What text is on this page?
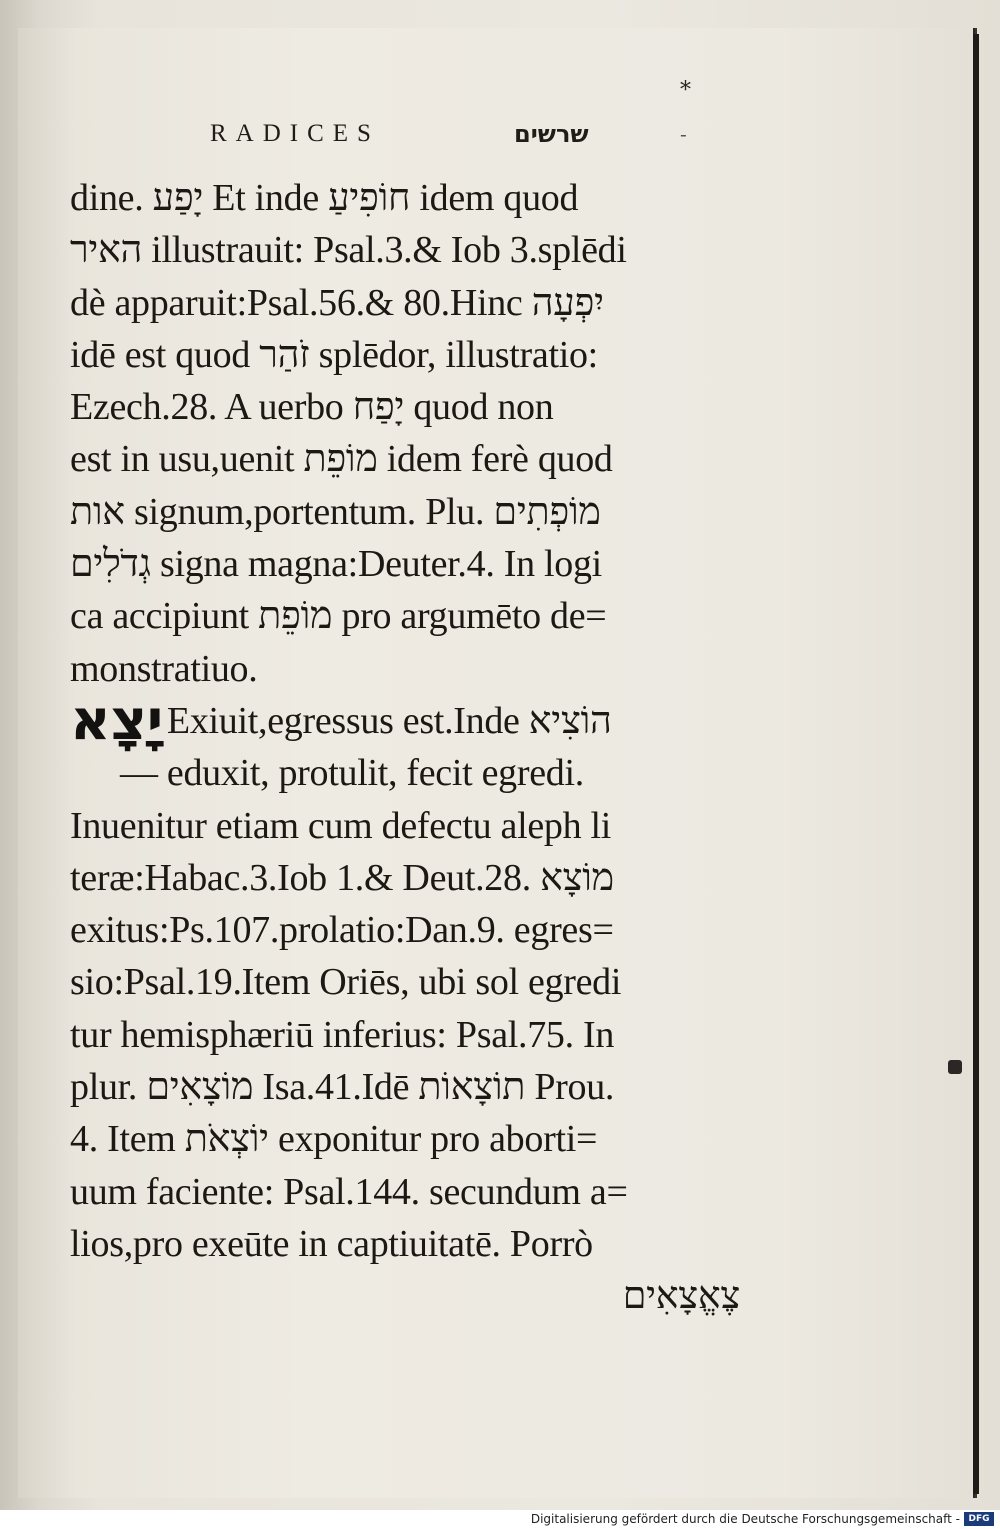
*
RADICES	שרשים	-
dine. יָפַע Et inde חוֹפִיעַ idem quod
האיר illustrauit: Psal.3.& Iob 3.splēdi
dè apparuit:Psal.56.& 80.Hinc יִפְעָה
idē est quod זֹהַר splēdor, illustratio:
Ezech.28. A uerbo יָפַח quod non
est in usu,uenit מוֹפֵת idem ferè quod
אות signum,portentum. Plu. מוֹפְתִים
גְדֹלִים signa magna:Deuter.4. In logi
ca accipiunt מוֹפֵת pro argumēto de=
monstratiuo.
יָצָא Exiuit,egressus est.Inde הוֹצִיא
— eduxit, protulit, fecit egredi.
Inuenitur etiam cum defectu aleph li
teræ:Habac.3.Iob 1.& Deut.28. מוֹצָא
exitus:Ps.107.prolatio:Dan.9. egres=
sio:Psal.19.Item Oriēs, ubi sol egredi
tur hemisphæriū inferius: Psal.75. In
plur. מוֹצָאִים Isa.41.Idē תוֹצָאוֹת Prou.
4. Item יוֹצְאֹת exponitur pro aborti=
uum faciente: Psal.144. secundum a=
lios,pro exeūte in captiuitatē. Porrò
צֶאֱצָאִים
Digitalisierung gefördert durch die Deutsche Forschungsgemeinschaft - DFG
